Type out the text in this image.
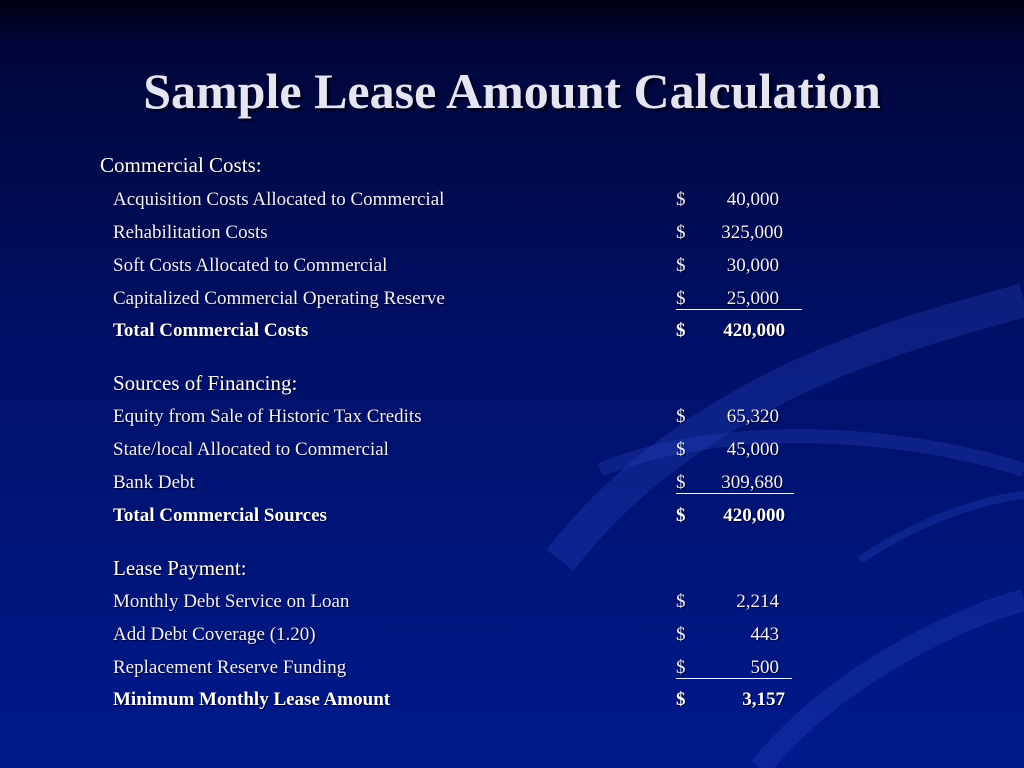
Sample Lease Amount Calculation
Commercial Costs:
Acquisition Costs Allocated to Commercial	$	40,000
Rehabilitation Costs	$	325,000
Soft Costs Allocated to Commercial	$	30,000
Capitalized Commercial Operating Reserve	$	25,000
Total Commercial Costs	$	420,000
Sources of Financing:
Equity from Sale of Historic Tax Credits	$	65,320
State/local Allocated to Commercial	$	45,000
Bank Debt	$	309,680
Total Commercial Sources	$	420,000
Lease Payment:
Monthly Debt Service on Loan	$	2,214
Add Debt Coverage (1.20)	$	443
Replacement Reserve Funding	$	500
Minimum Monthly Lease Amount	$	3,157
